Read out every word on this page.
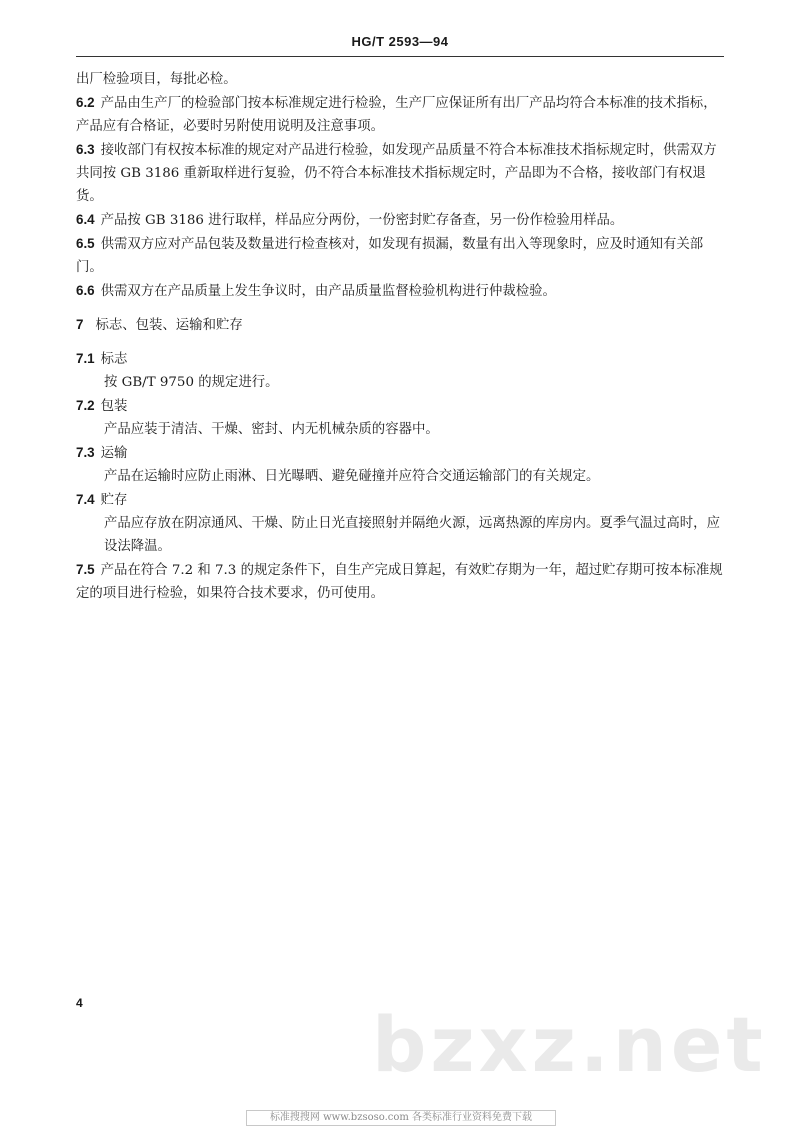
HG/T 2593—94

出厂检验项目，每批必检。

6.2 产品由生产厂的检验部门按本标准规定进行检验，生产厂应保证所有出厂产品均符合本标准的技术指标，产品应有合格证，必要时另附使用说明及注意事项。

6.3 接收部门有权按本标准的规定对产品进行检验，如发现产品质量不符合本标准技术指标规定时，供需双方共同按 GB 3186 重新取样进行复验，仍不符合本标准技术指标规定时，产品即为不合格，接收部门有权退货。

6.4 产品按 GB 3186 进行取样，样品应分两份，一份密封贮存备查，另一份作检验用样品。

6.5 供需双方应对产品包装及数量进行检查核对，如发现有损漏，数量有出入等现象时，应及时通知有关部门。

6.6 供需双方在产品质量上发生争议时，由产品质量监督检验机构进行仲裁检验。

7 标志、包装、运输和贮存

7.1 标志

按 GB/T 9750 的规定进行。

7.2 包装

产品应装于清洁、干燥、密封、内无机械杂质的容器中。

7.3 运输

产品在运输时应防止雨淋、日光曝晒、避免碰撞并应符合交通运输部门的有关规定。

7.4 贮存

产品应存放在阴凉通风、干燥、防止日光直接照射并隔绝火源，远离热源的库房内。夏季气温过高时，应设法降温。

7.5 产品在符合 7.2 和 7.3 的规定条件下，自生产完成日算起，有效贮存期为一年，超过贮存期可按本标准规定的项目进行检验，如果符合技术要求，仍可使用。

4	bzxz.net
标准搜搜网 www.bzsoso.com 各类标准行业资料免费下载
